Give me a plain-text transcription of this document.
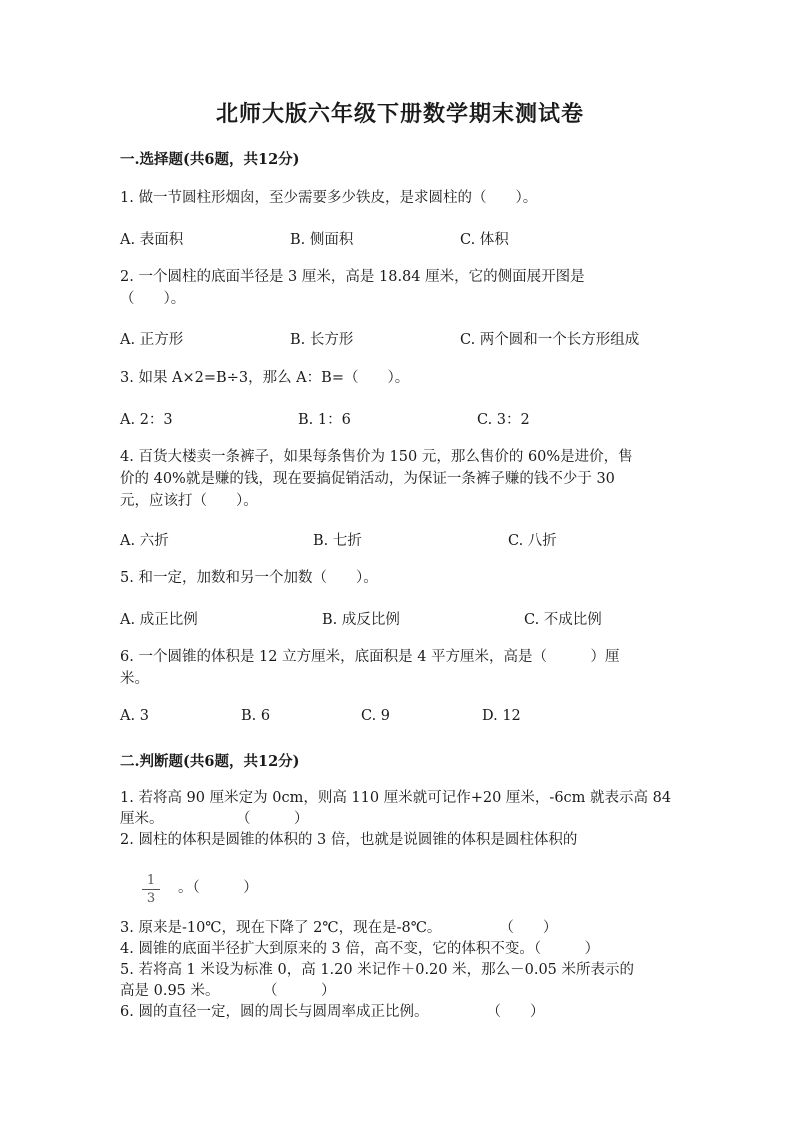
北师大版六年级下册数学期末测试卷
一.选择题(共6题，共12分)
1. 做一节圆柱形烟囱，至少需要多少铁皮，是求圆柱的（　　）。
A. 表面积	B. 侧面积	C. 体积
2. 一个圆柱的底面半径是 3 厘米，高是 18.84 厘米，它的侧面展开图是
（　　）。
A. 正方形	B. 长方形	C. 两个圆和一个长方形组成
3. 如果 A×2=B÷3，那么 A：B=（　　）。
A. 2：3	B. 1：6	C. 3：2
4. 百货大楼卖一条裤子，如果每条售价为 150 元，那么售价的 60%是进价，售
价的 40%就是赚的钱，现在要搞促销活动，为保证一条裤子赚的钱不少于 30
元，应该打（　　）。
A. 六折	B. 七折	C. 八折
5. 和一定，加数和另一个加数（　　）。
A. 成正比例	B. 成反比例	C. 不成比例
6. 一个圆锥的体积是 12 立方厘米，底面积是 4 平方厘米，高是（　　　）厘
米。
A. 3	B. 6	C. 9	D. 12
二.判断题(共6题，共12分)
1. 若将高 90 厘米定为 0cm，则高 110 厘米就可记作+20 厘米，-6cm 就表示高 84
厘米。　　　　　　（　　　）
2. 圆柱的体积是圆锥的体积的 3 倍，也就是说圆锥的体积是圆柱体积的
1
3
。（　　　）
3. 原来是-10℃，现在下降了 2℃，现在是-8℃。　　　　　（　　）
4. 圆锥的底面半径扩大到原来的 3 倍，高不变，它的体积不变。（　　　）
5. 若将高 1 米设为标准 0，高 1.20 米记作＋0.20 米，那么－0.05 米所表示的
高是 0.95 米。　　　　（　　　）
6. 圆的直径一定，圆的周长与圆周率成正比例。　　　　　（　　）
